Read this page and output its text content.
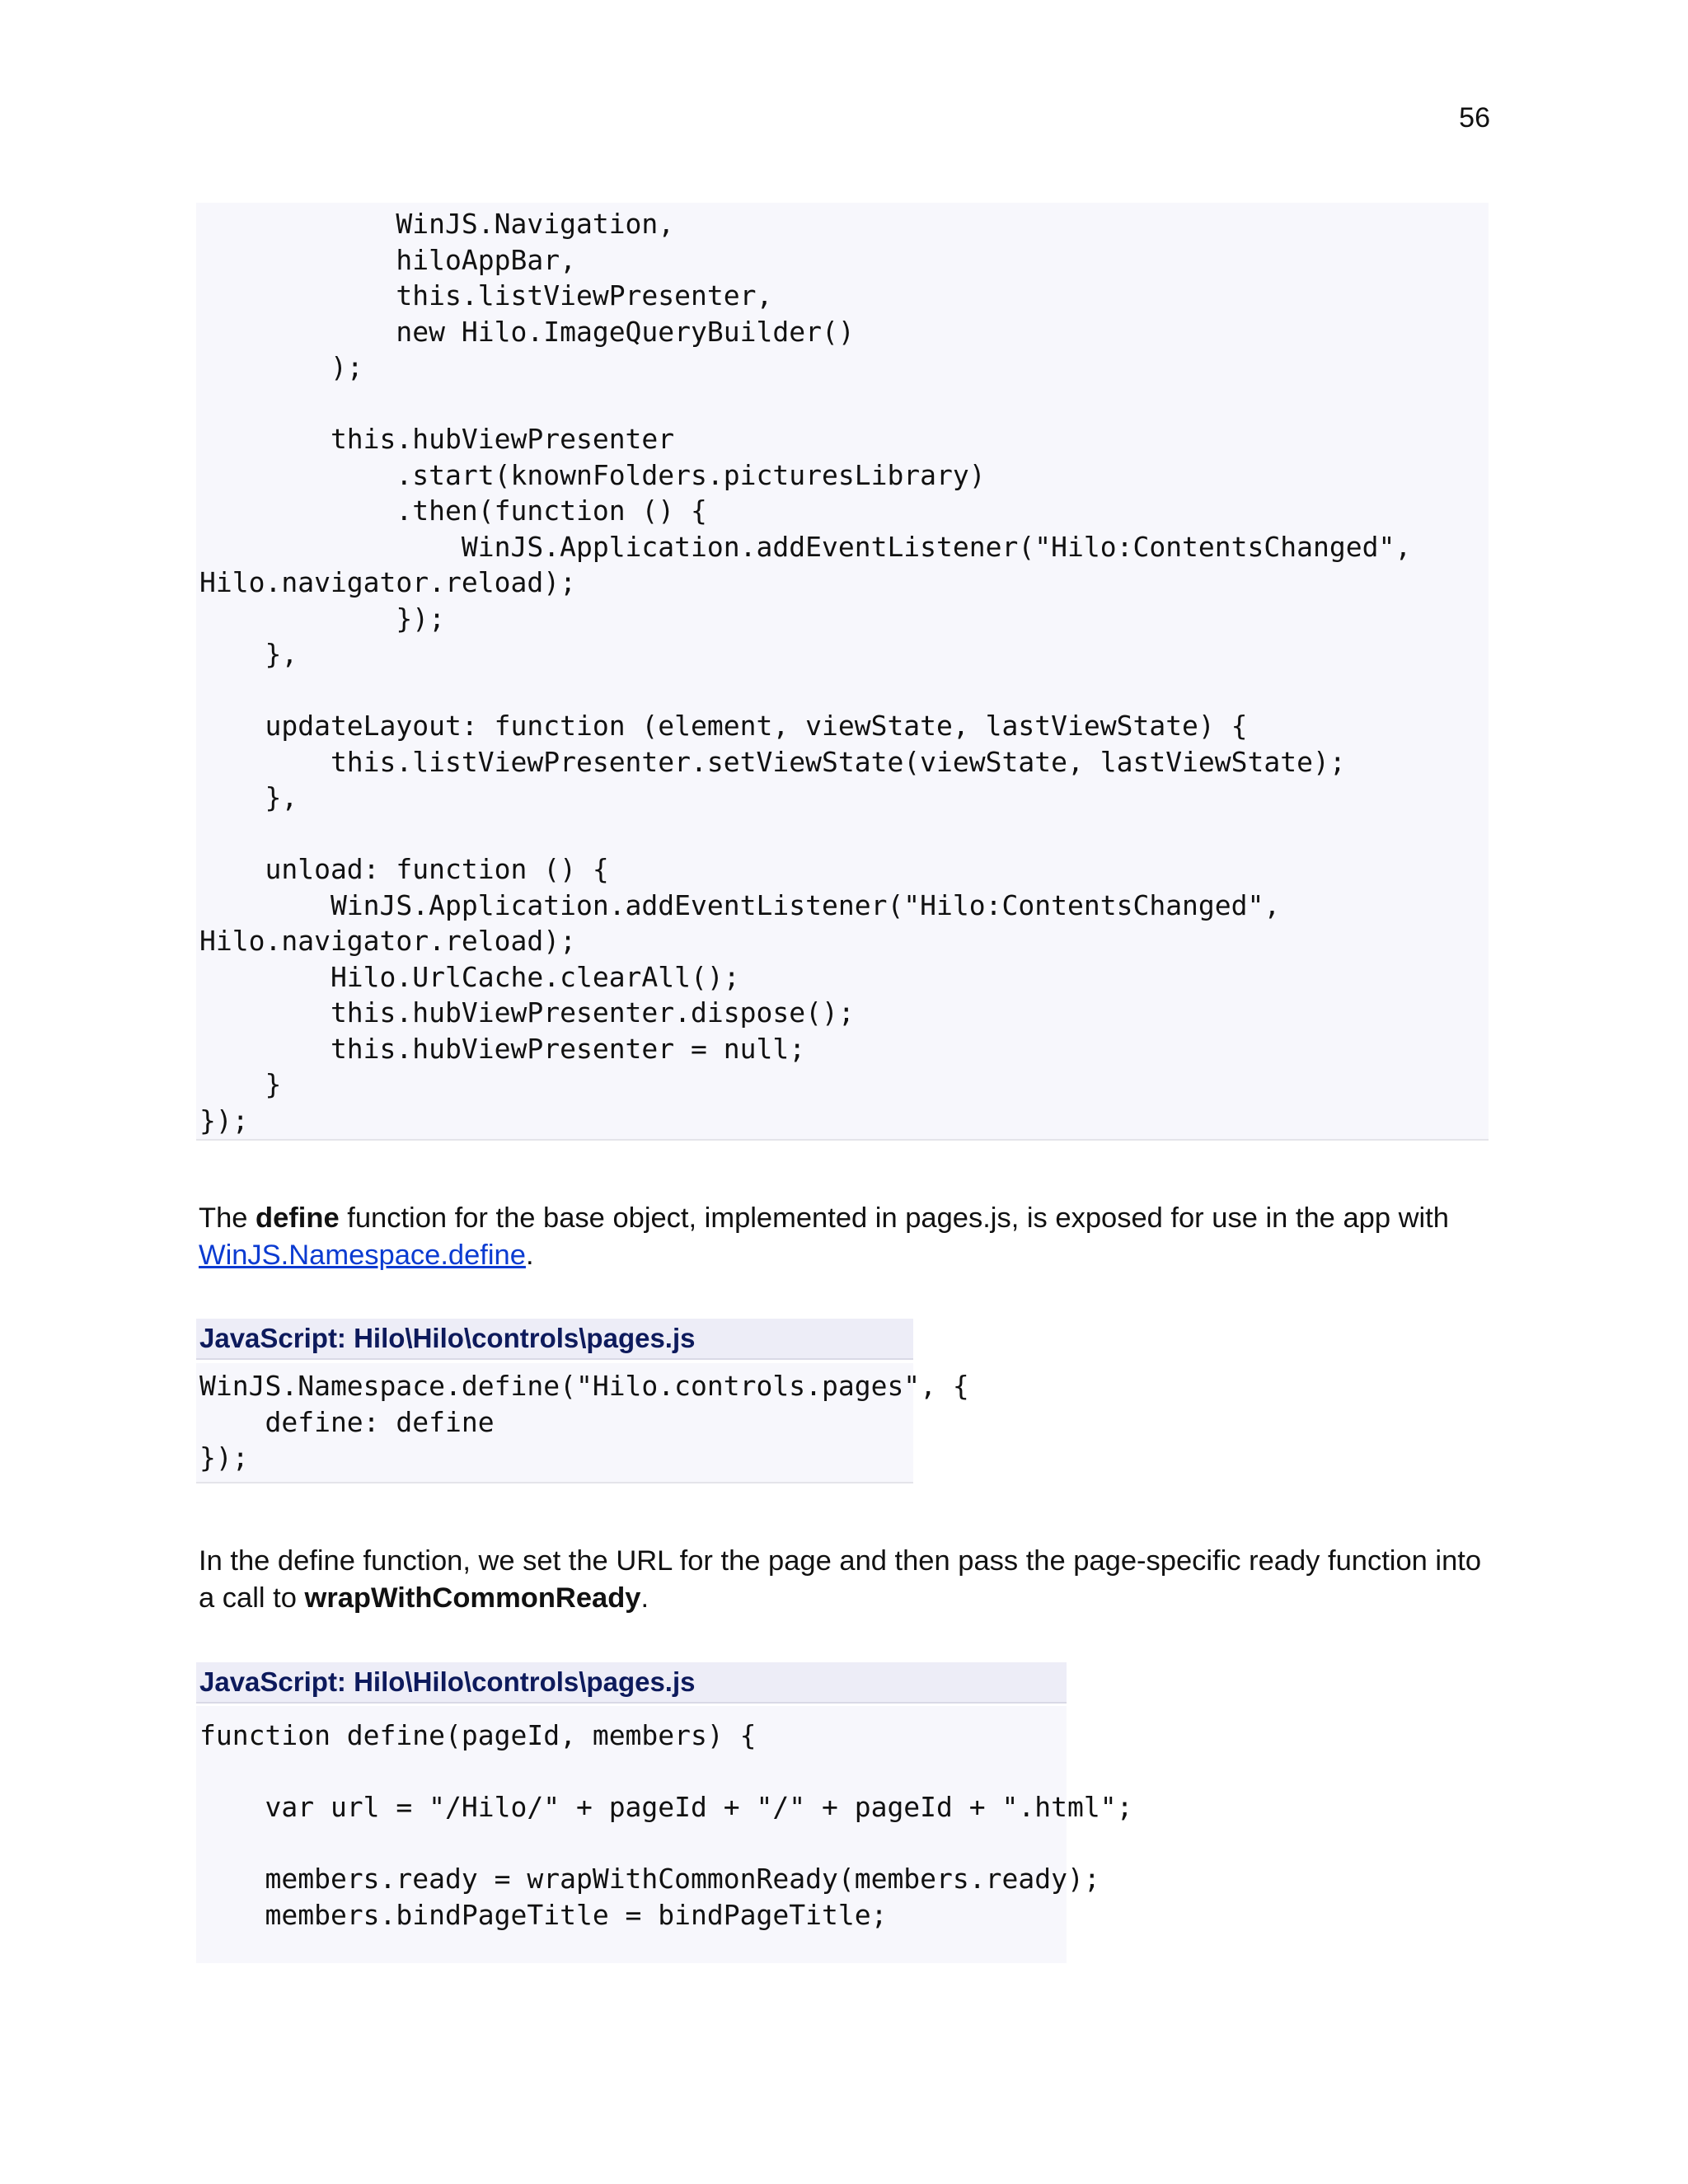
56
WinJS.Navigation,
hiloAppBar,
this.listViewPresenter,
new Hilo.ImageQueryBuilder()
);
this.hubViewPresenter
.start(knownFolders.picturesLibrary)
.then(function () {
WinJS.Application.addEventListener("Hilo:ContentsChanged",
Hilo.navigator.reload);
});
},
updateLayout: function (element, viewState, lastViewState) {
this.listViewPresenter.setViewState(viewState, lastViewState);
},
unload: function () {
WinJS.Application.addEventListener("Hilo:ContentsChanged",
Hilo.navigator.reload);
Hilo.UrlCache.clearAll();
this.hubViewPresenter.dispose();
this.hubViewPresenter = null;
}
});

The define function for the base object, implemented in pages.js, is exposed for use in the app with WinJS.Namespace.define.

JavaScript: Hilo\Hilo\controls\pages.js
WinJS.Namespace.define("Hilo.controls.pages", {
define: define
});

In the define function, we set the URL for the page and then pass the page-specific ready function into a call to wrapWithCommonReady.

JavaScript: Hilo\Hilo\controls\pages.js
function define(pageId, members) {
var url = "/Hilo/" + pageId + "/" + pageId + ".html";
members.ready = wrapWithCommonReady(members.ready);
members.bindPageTitle = bindPageTitle;
